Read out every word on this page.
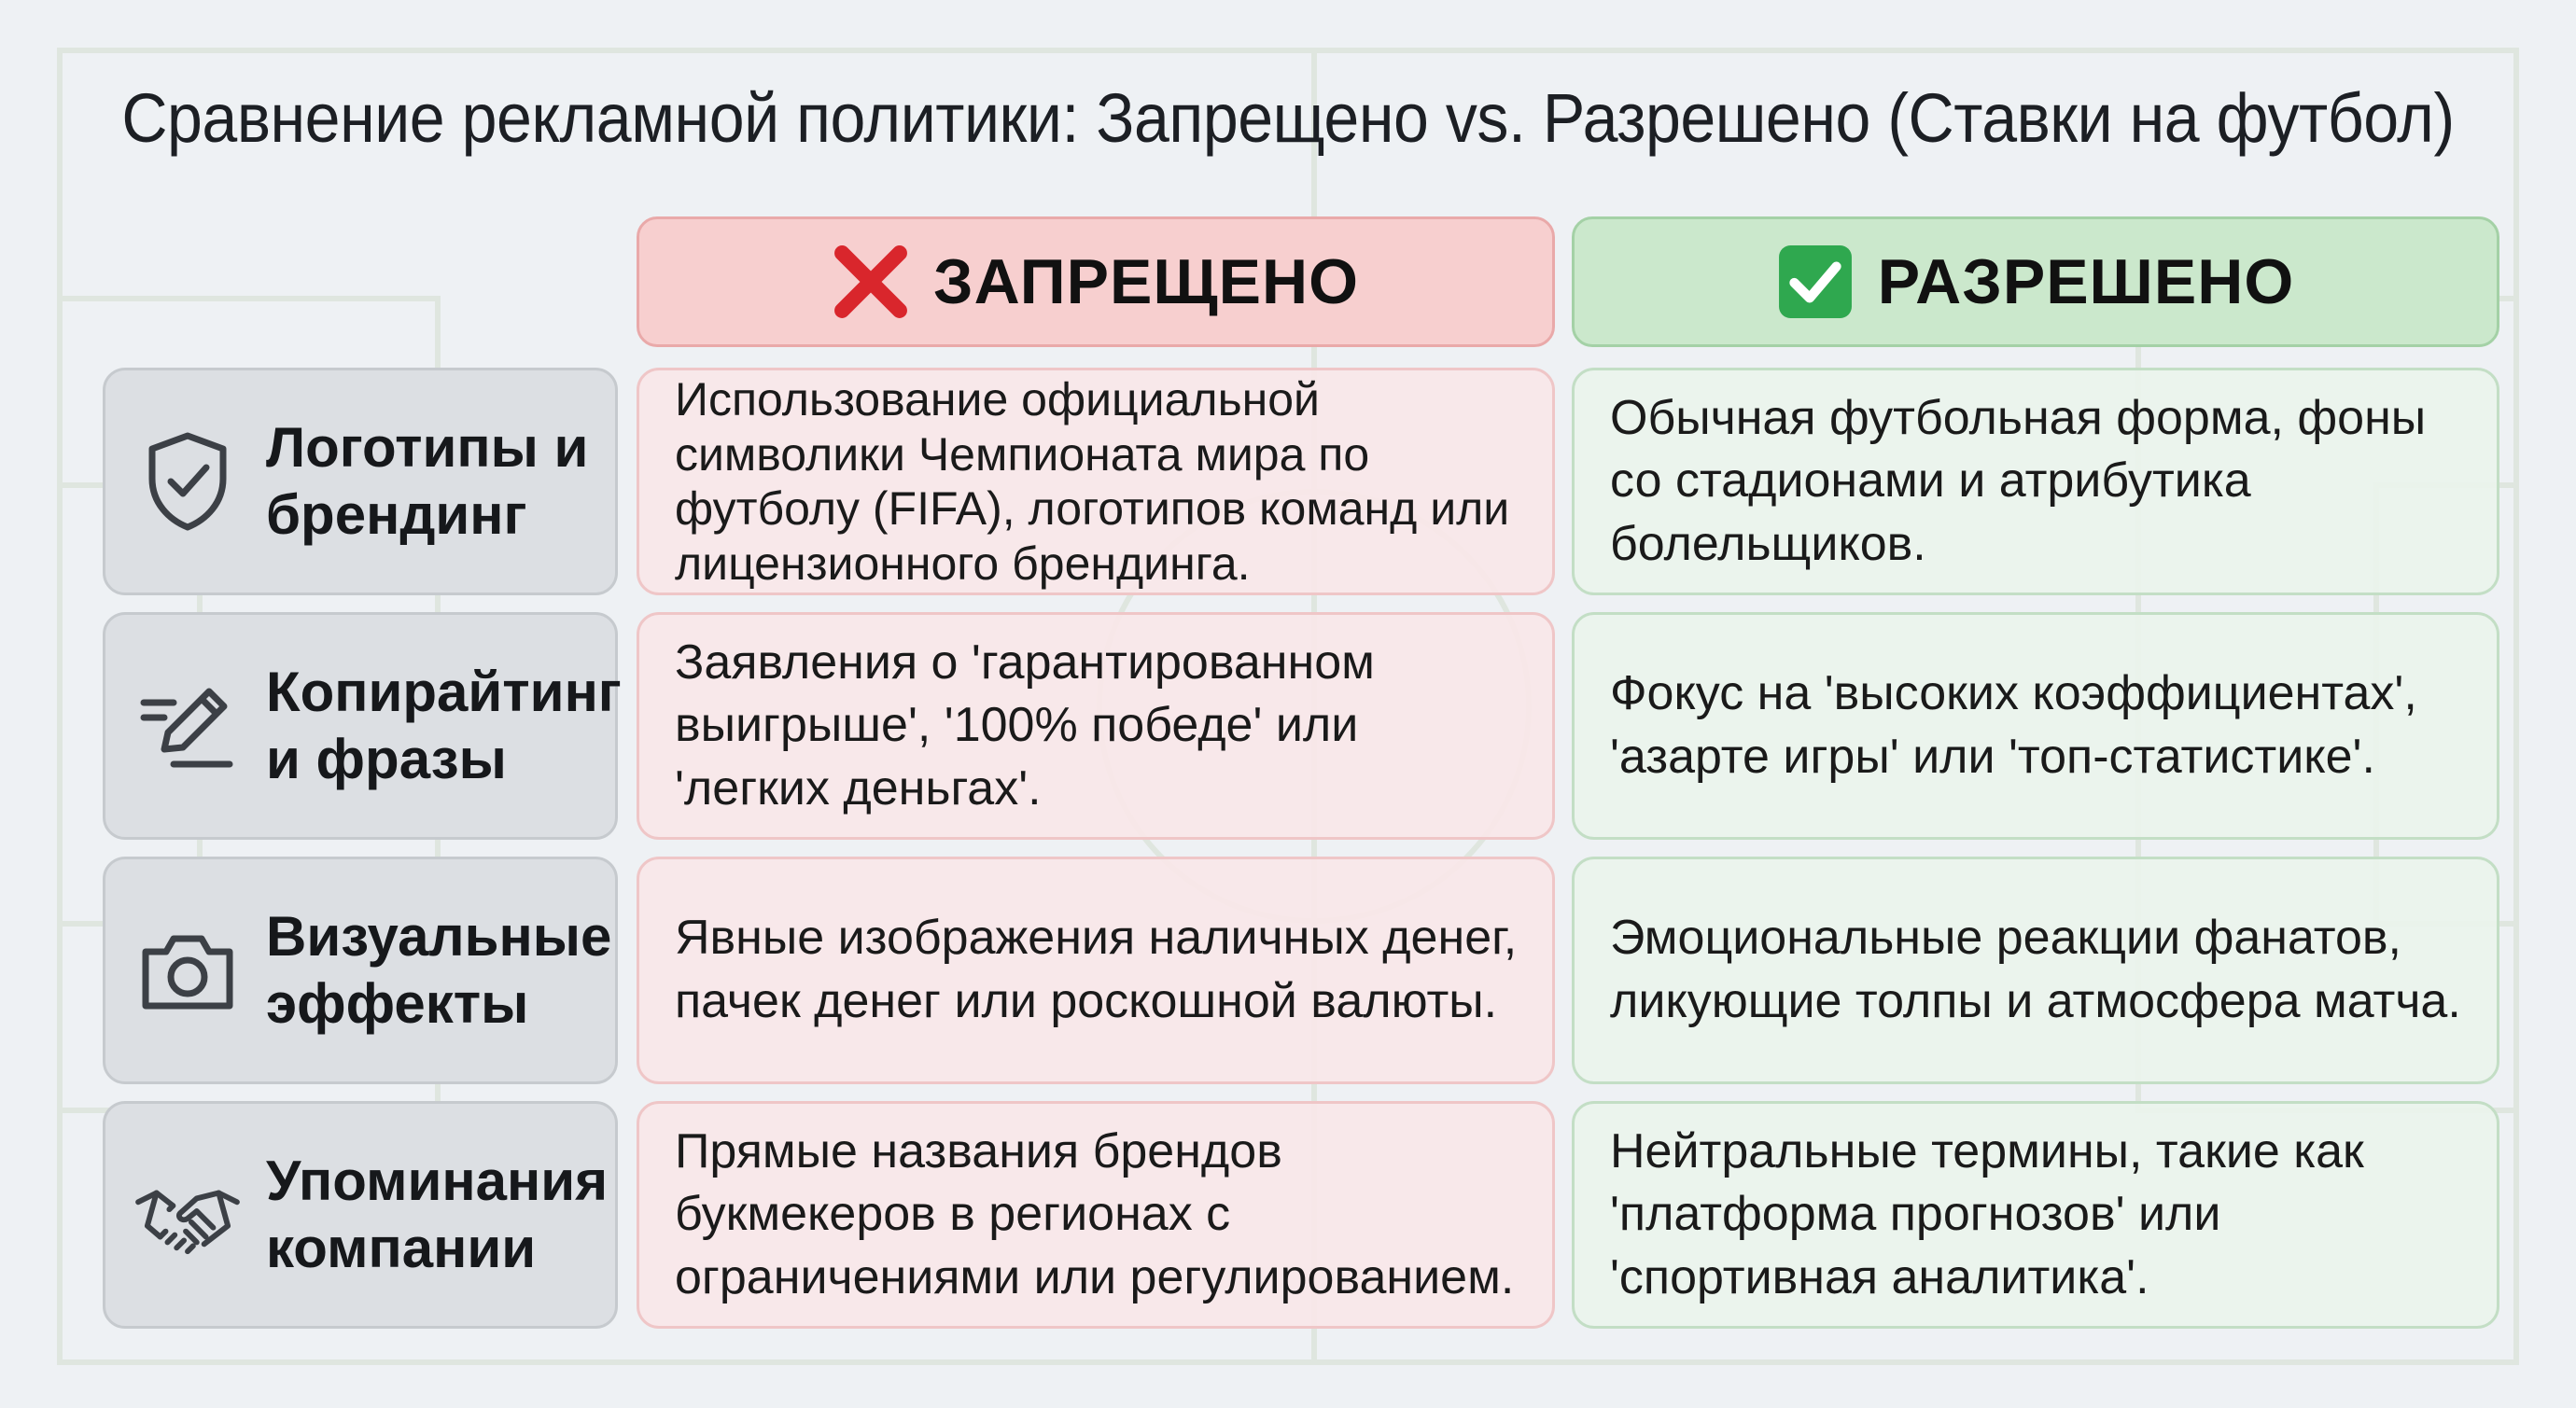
Сравнение рекламной политики: Запрещено vs. Разрешено (Ставки на футбол)
ЗАПРЕЩЕНО	РАЗРЕШЕНО
Логотипы и брендинг
Использование официальной символики Чемпионата мира по футболу (FIFA), логотипов команд или лицензионного брендинга.
Обычная футбольная форма, фоны со стадионами и атрибутика болельщиков.
Копирайтинг и фразы
Заявления о 'гарантированном выигрыше', '100% победе' или 'легких деньгах'.
Фокус на 'высоких коэффициентах', 'азарте игры' или 'топ-статистике'.
Визуальные эффекты
Явные изображения наличных денег, пачек денег или роскошной валюты.
Эмоциональные реакции фанатов, ликующие толпы и атмосфера матча.
Упоминания компании
Прямые названия брендов букмекеров в регионах с ограничениями или регулированием.
Нейтральные термины, такие как 'платформа прогнозов' или 'спортивная аналитика'.
